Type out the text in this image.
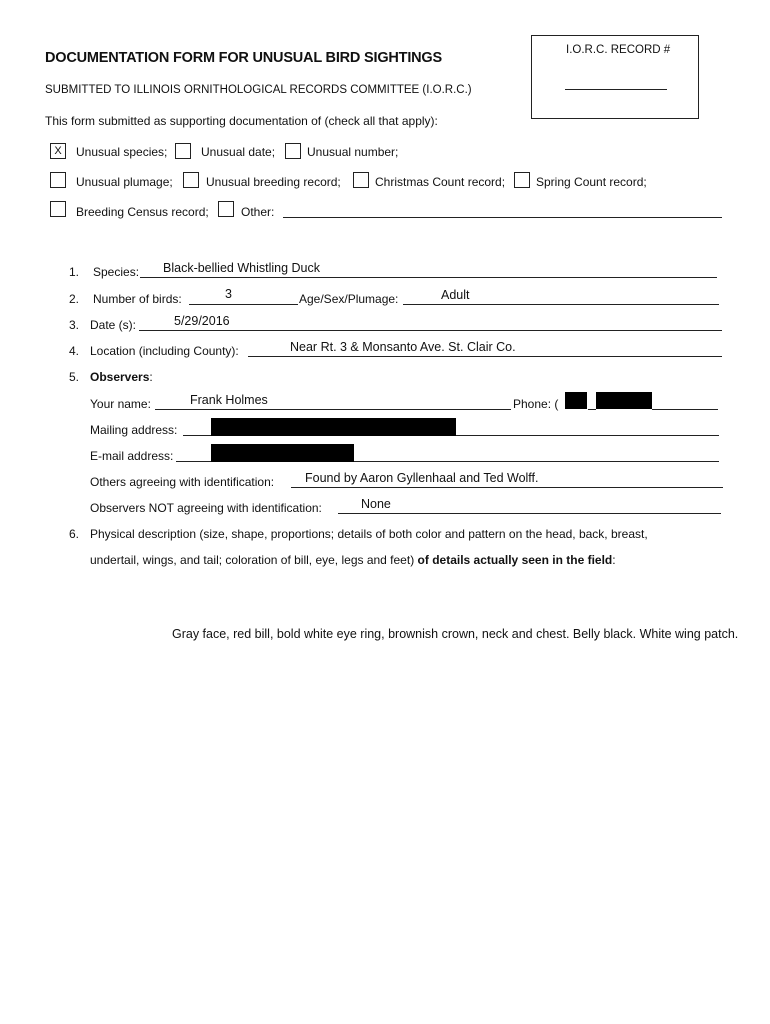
DOCUMENTATION FORM FOR UNUSUAL BIRD SIGHTINGS
SUBMITTED TO ILLINOIS ORNITHOLOGICAL RECORDS COMMITTEE (I.O.R.C.)
I.O.R.C. RECORD #
This form submitted as supporting documentation of (check all that apply):
X	Unusual species;	Unusual date;	Unusual number;
Unusual plumage;	Unusual breeding record;	Christmas Count record;	Spring Count record;
Breeding Census record;	Other:
1. Species: Black-bellied Whistling Duck
2. Number of birds:	3	Age/Sex/Plumage:	Adult
3. Date (s):	5/29/2016
4. Location (including County):	Near Rt. 3 & Monsanto Ave. St. Clair Co.
5. Observers:
Your name:	Frank Holmes	Phone: (
Mailing address:
E-mail address:
Others agreeing with identification: Found by Aaron Gyllenhaal and Ted Wolff.
Observers NOT agreeing with identification:	None
6. Physical description (size, shape, proportions; details of both color and pattern on the head, back, breast,
undertail, wings, and tail; coloration of bill, eye, legs and feet) of details actually seen in the field:
Gray face, red bill, bold white eye ring, brownish crown, neck and chest. Belly black. White wing patch.
